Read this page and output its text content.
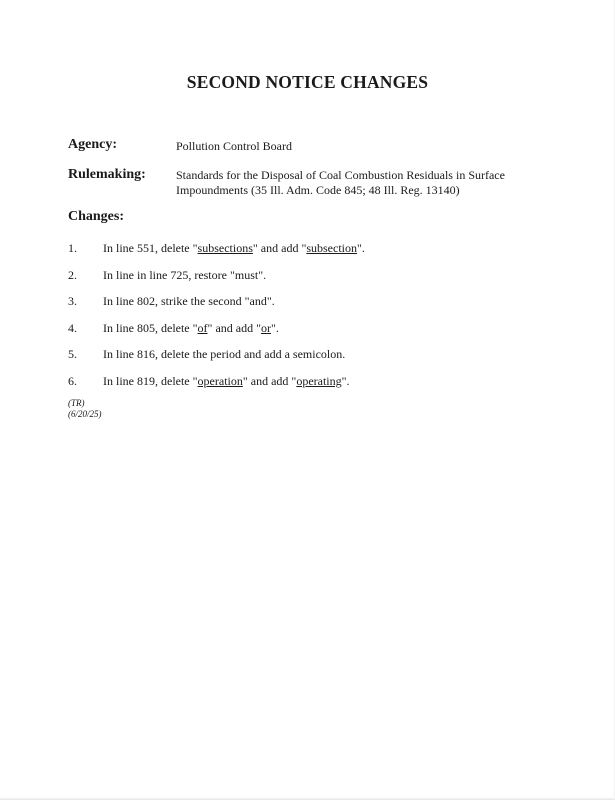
SECOND NOTICE CHANGES
Agency:	Pollution Control Board
Rulemaking:	Standards for the Disposal of Coal Combustion Residuals in Surface
Impoundments (35 Ill. Adm. Code 845; 48 Ill. Reg. 13140)
Changes:
1. In line 551, delete "subsections" and add "subsection".
2. In line in line 725, restore "must".
3. In line 802, strike the second "and".
4. In line 805, delete "of" and add "or".
5. In line 816, delete the period and add a semicolon.
6. In line 819, delete "operation" and add "operating".
(TR)
(6/20/25)
